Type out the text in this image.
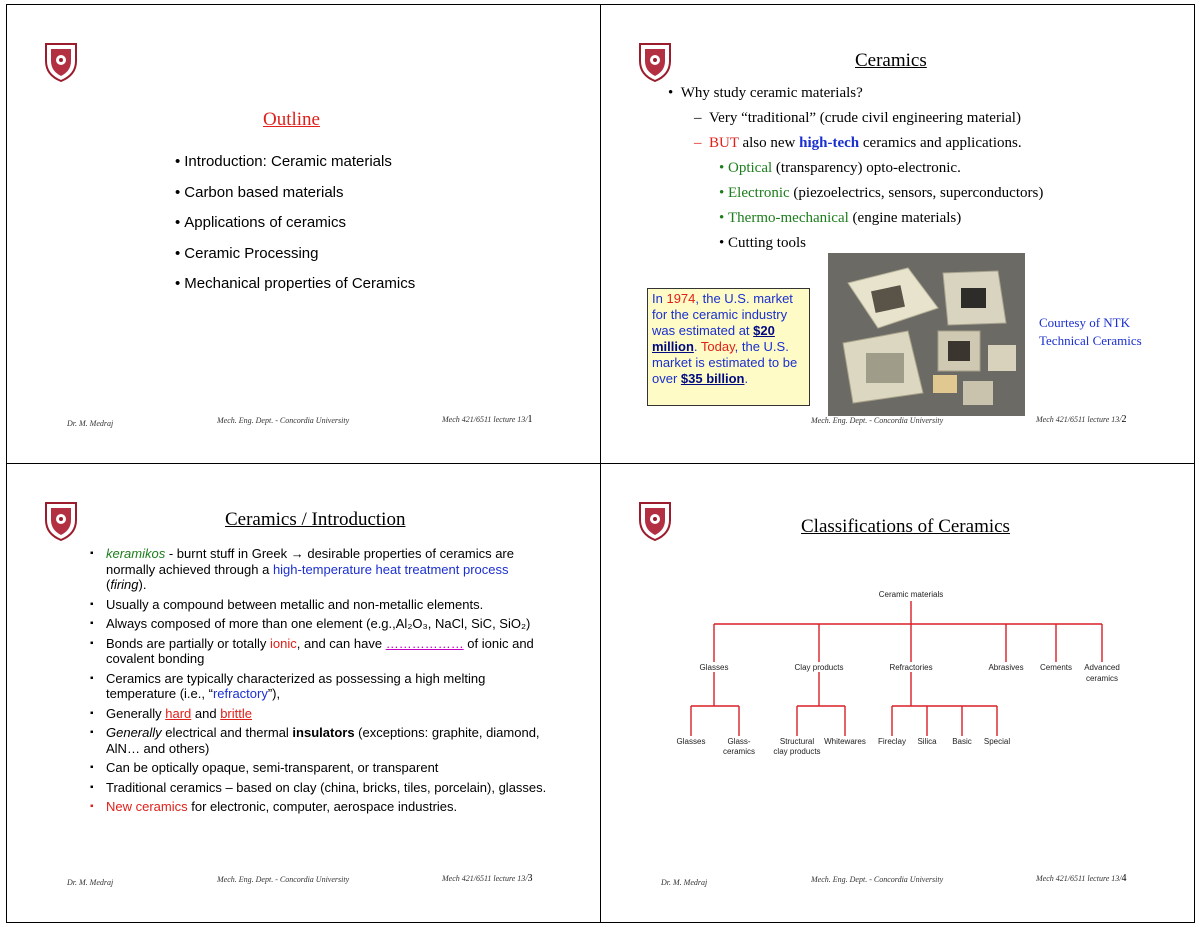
Outline
• Introduction: Ceramic materials
• Carbon based materials
• Applications of ceramics
• Ceramic Processing
• Mechanical properties of Ceramics
Dr. M. Medraj	Mech. Eng. Dept. - Concordia University	Mech 421/6511 lecture 13/1
Ceramics
•  Why study ceramic materials?
–  Very “traditional” (crude civil engineering material)
–  BUT also new high-tech ceramics and applications.
• Optical (transparency) opto-electronic.
• Electronic (piezoelectrics, sensors, superconductors)
• Thermo-mechanical (engine materials)
• Cutting tools
In 1974, the U.S. market for the ceramic industry was estimated at $20 million. Today, the U.S. market is estimated to be over $35 billion.
Courtesy of NTK
Technical Ceramics
Mech. Eng. Dept. - Concordia University	Mech 421/6511 lecture 13/2
Ceramics / Introduction
▪ keramikos - burnt stuff in Greek → desirable properties of ceramics are normally achieved through a high-temperature heat treatment process (firing).
▪ Usually a compound between metallic and non-metallic elements.
▪ Always composed of more than one element (e.g.,Al₂O₃, NaCl, SiC, SiO₂)
▪ Bonds are partially or totally ionic, and can have ……………… of ionic and covalent bonding
▪ Ceramics are typically characterized as possessing a high melting temperature (i.e., “refractory”),
▪ Generally hard and brittle
▪ Generally electrical and thermal insulators (exceptions: graphite, diamond, AlN… and others)
▪ Can be optically opaque, semi-transparent, or transparent
▪ Traditional ceramics – based on clay (china, bricks, tiles, porcelain), glasses.
▪ New ceramics for electronic, computer, aerospace industries.
Dr. M. Medraj	Mech. Eng. Dept. - Concordia University	Mech 421/6511 lecture 13/3
Classifications of Ceramics
Ceramic materials
Glasses	Clay products	Refractories	Abrasives Cements Advanced
ceramics
Glasses	Glass-
ceramics
Structural
clay products
Whitewares Fireclay Silica Basic Special
Dr. M. Medraj	Mech. Eng. Dept. - Concordia University	Mech 421/6511 lecture 13/4
